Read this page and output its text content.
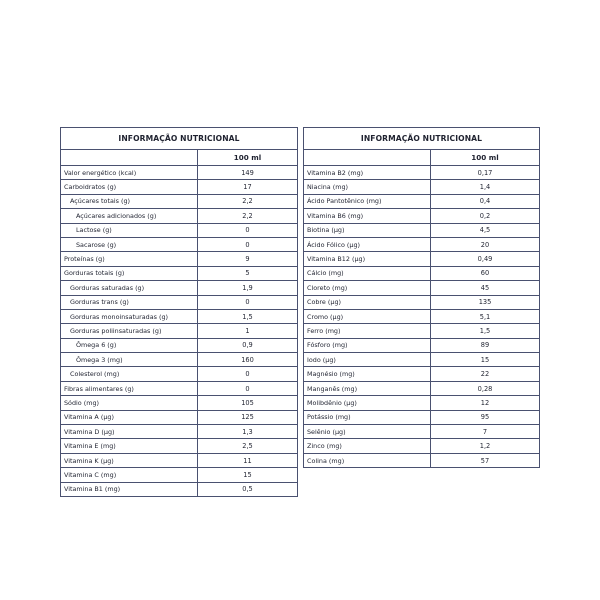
INFORMAÇÃO NUTRICIONAL
100 ml
Valor energético (kcal)	149
Carboidratos (g)	17
Açúcares totais (g)	2,2
Açúcares adicionados (g)	2,2
Lactose (g)	0
Sacarose (g)	0
Proteínas (g)	9
Gorduras totais (g)	5
Gorduras saturadas (g)	1,9
Gorduras trans (g)	0
Gorduras monoinsaturadas (g)	1,5
Gorduras poliinsaturadas (g)	1
Ômega 6 (g)	0,9
Ômega 3 (mg)	160
Colesterol (mg)	0
Fibras alimentares (g)	0
Sódio (mg)	105
Vitamina A (µg)	125
Vitamina D (µg)	1,3
Vitamina E (mg)	2,5
Vitamina K (µg)	11
Vitamina C (mg)	15
Vitamina B1 (mg)	0,5
INFORMAÇÃO NUTRICIONAL
100 ml
Vitamina B2 (mg)	0,17
Niacina (mg)	1,4
Ácido Pantotênico (mg)	0,4
Vitamina B6 (mg)	0,2
Biotina (µg)	4,5
Ácido Fólico (µg)	20
Vitamina B12 (µg)	0,49
Cálcio (mg)	60
Cloreto (mg)	45
Cobre (µg)	135
Cromo (µg)	5,1
Ferro (mg)	1,5
Fósforo (mg)	89
Iodo (µg)	15
Magnésio (mg)	22
Manganês (mg)	0,28
Molibdênio (µg)	12
Potássio (mg)	95
Selênio (µg)	7
Zinco (mg)	1,2
Colina (mg)	57
